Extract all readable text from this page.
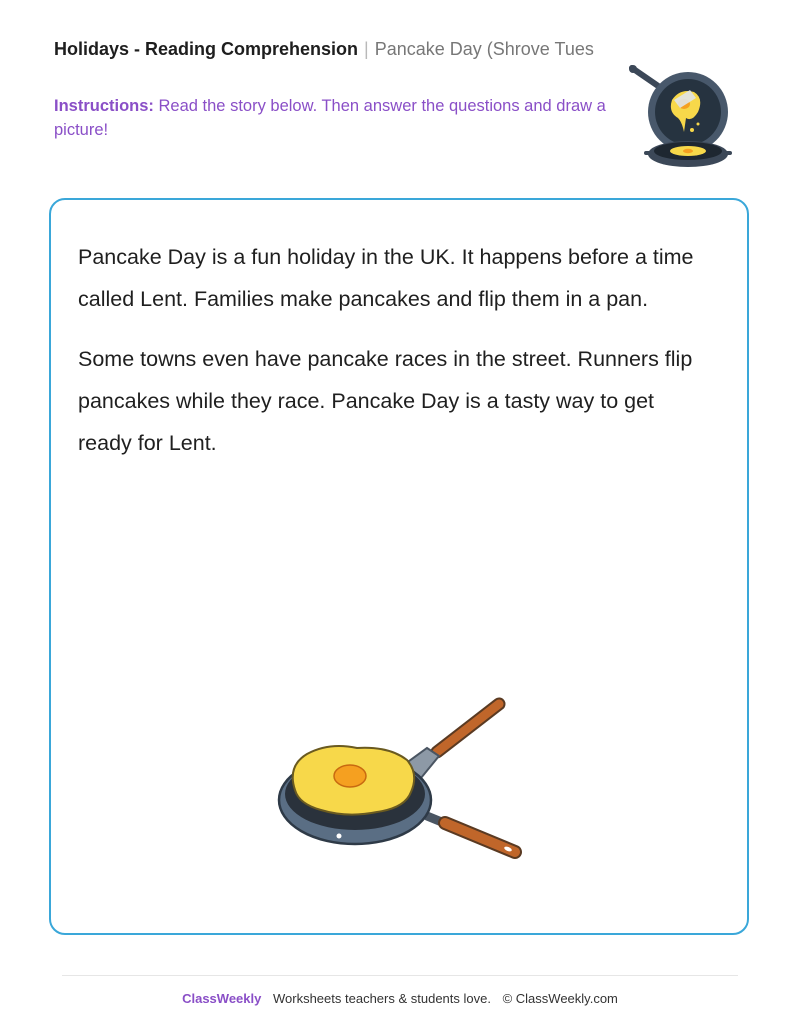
Holidays - Reading Comprehension | Pancake Day (Shrove Tues
Instructions: Read the story below. Then answer the questions and draw a picture!

Pancake Day is a fun holiday in the UK. It happens before a time called Lent. Families make pancakes and flip them in a pan.

Some towns even have pancake races in the street. Runners flip pancakes while they race. Pancake Day is a tasty way to get ready for Lent.

ClassWeekly Worksheets teachers & students love. © ClassWeekly.com
